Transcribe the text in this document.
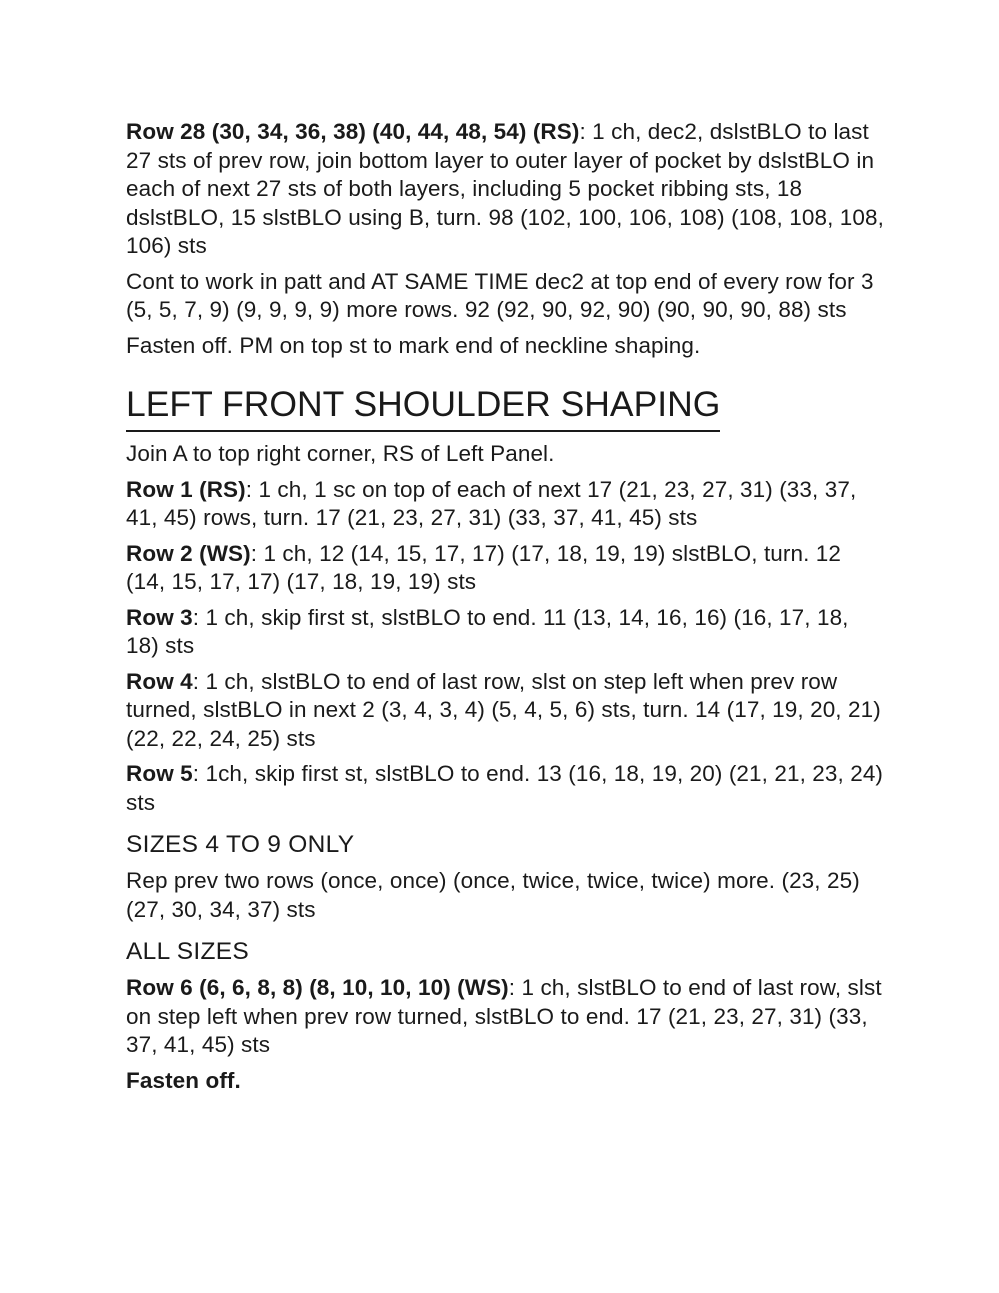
Row 28 (30, 34, 36, 38) (40, 44, 48, 54) (RS): 1 ch, dec2, dslstBLO to last 27 sts of prev row, join bottom layer to outer layer of pocket by dslstBLO in each of next 27 sts of both layers, including 5 pocket ribbing sts, 18 dslstBLO, 15 slstBLO using B, turn. 98 (102, 100, 106, 108) (108, 108, 108, 106) sts

Cont to work in patt and AT SAME TIME dec2 at top end of every row for 3 (5, 5, 7, 9) (9, 9, 9, 9) more rows. 92 (92, 90, 92, 90) (90, 90, 90, 88) sts

Fasten off. PM on top st to mark end of neckline shaping.

LEFT FRONT SHOULDER SHAPING

Join A to top right corner, RS of Left Panel.

Row 1 (RS): 1 ch, 1 sc on top of each of next 17 (21, 23, 27, 31) (33, 37, 41, 45) rows, turn. 17 (21, 23, 27, 31) (33, 37, 41, 45) sts

Row 2 (WS): 1 ch, 12 (14, 15, 17, 17) (17, 18, 19, 19) slstBLO, turn. 12 (14, 15, 17, 17) (17, 18, 19, 19) sts

Row 3: 1 ch, skip first st, slstBLO to end. 11 (13, 14, 16, 16) (16, 17, 18, 18) sts

Row 4: 1 ch, slstBLO to end of last row, slst on step left when prev row turned, slstBLO in next 2 (3, 4, 3, 4) (5, 4, 5, 6) sts, turn. 14 (17, 19, 20, 21) (22, 22, 24, 25) sts

Row 5: 1ch, skip first st, slstBLO to end. 13 (16, 18, 19, 20) (21, 21, 23, 24) sts

SIZES 4 TO 9 ONLY

Rep prev two rows (once, once) (once, twice, twice, twice) more. (23, 25) (27, 30, 34, 37) sts

ALL SIZES

Row 6 (6, 6, 8, 8) (8, 10, 10, 10) (WS): 1 ch, slstBLO to end of last row, slst on step left when prev row turned, slstBLO to end. 17 (21, 23, 27, 31) (33, 37, 41, 45) sts

Fasten off.
